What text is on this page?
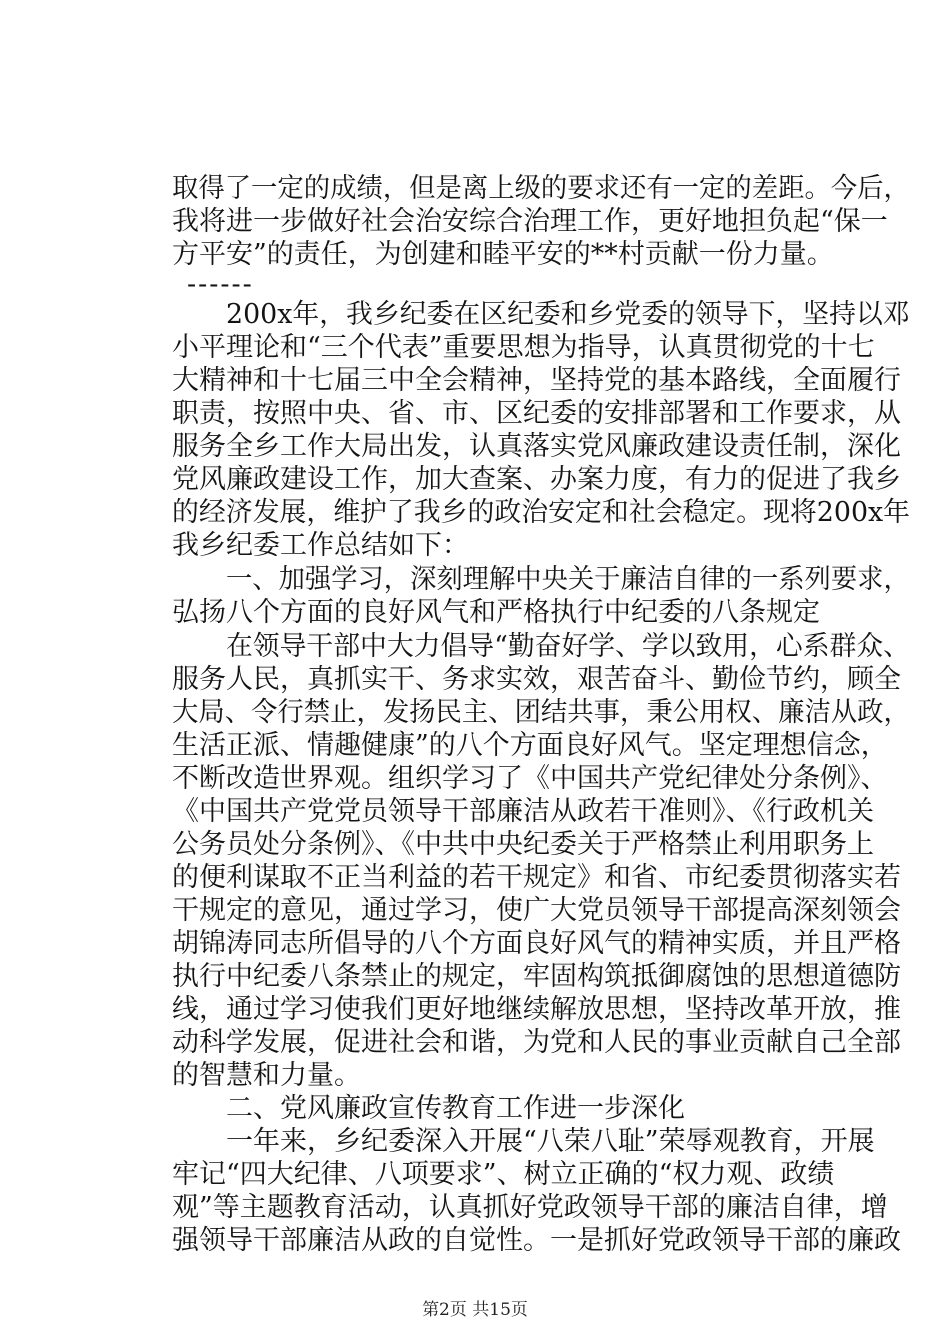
取得了一定的成绩，但是离上级的要求还有一定的差距。今后，
我将进一步做好社会治安综合治理工作，更好地担负起“保一
方平安”的责任，为创建和睦平安的**村贡献一份力量。
------
200x年，我乡纪委在区纪委和乡党委的领导下，坚持以邓
小平理论和“三个代表”重要思想为指导，认真贯彻党的十七
大精神和十七届三中全会精神，坚持党的基本路线，全面履行
职责，按照中央、省、市、区纪委的安排部署和工作要求，从
服务全乡工作大局出发，认真落实党风廉政建设责任制，深化
党风廉政建设工作，加大查案、办案力度，有力的促进了我乡
的经济发展，维护了我乡的政治安定和社会稳定。现将200x年
我乡纪委工作总结如下：
一、加强学习，深刻理解中央关于廉洁自律的一系列要求，
弘扬八个方面的良好风气和严格执行中纪委的八条规定
在领导干部中大力倡导“勤奋好学、学以致用，心系群众、
服务人民，真抓实干、务求实效，艰苦奋斗、勤俭节约，顾全
大局、令行禁止，发扬民主、团结共事，秉公用权、廉洁从政，
生活正派、情趣健康”的八个方面良好风气。坚定理想信念，
不断改造世界观。组织学习了《中国共产党纪律处分条例》、
《中国共产党党员领导干部廉洁从政若干准则》、《行政机关
公务员处分条例》、《中共中央纪委关于严格禁止利用职务上
的便利谋取不正当利益的若干规定》和省、市纪委贯彻落实若
干规定的意见，通过学习，使广大党员领导干部提高深刻领会
胡锦涛同志所倡导的八个方面良好风气的精神实质，并且严格
执行中纪委八条禁止的规定，牢固构筑抵御腐蚀的思想道德防
线，通过学习使我们更好地继续解放思想，坚持改革开放，推
动科学发展，促进社会和谐，为党和人民的事业贡献自己全部
的智慧和力量。
二、党风廉政宣传教育工作进一步深化
一年来，乡纪委深入开展“八荣八耻”荣辱观教育，开展
牢记“四大纪律、八项要求”、树立正确的“权力观、政绩
观”等主题教育活动，认真抓好党政领导干部的廉洁自律，增
强领导干部廉洁从政的自觉性。一是抓好党政领导干部的廉政
第2页 共15页
